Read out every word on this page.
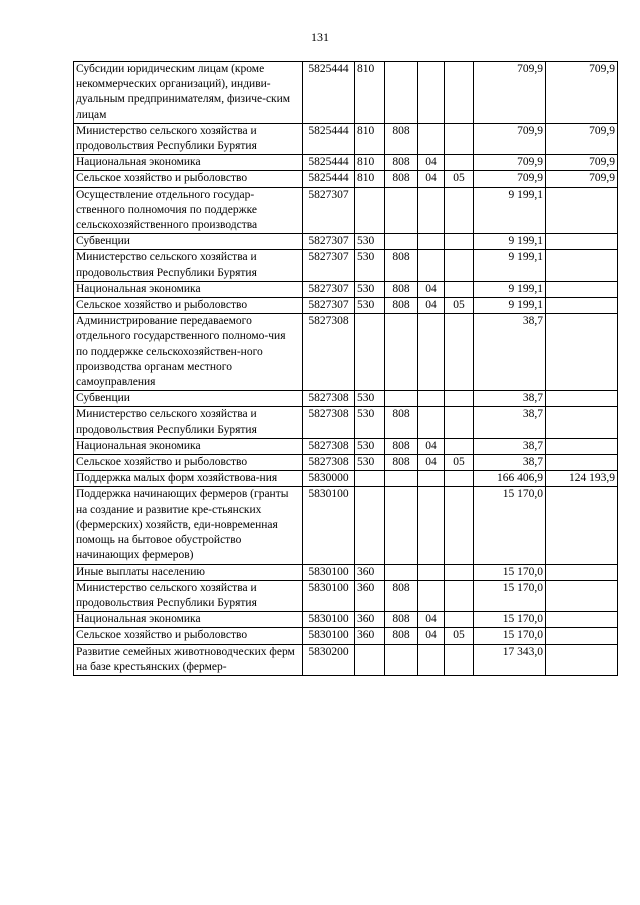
131
Субсидии юридическим лицам (кроме некоммерческих организаций), индиви-дуальным предпринимателям, физиче-ским лицам	5825444	810				709,9	709,9
Министерство сельского хозяйства и продовольствия Республики Бурятия	5825444	810	808			709,9	709,9
Национальная экономика	5825444	810	808	04		709,9	709,9
Сельское хозяйство и рыболовство	5825444	810	808	04	05	709,9	709,9
Осуществление отдельного государ-ственного полномочия по поддержке сельскохозяйственного производства	5827307					9 199,1	
Субвенции	5827307	530				9 199,1	
Министерство сельского хозяйства и продовольствия Республики Бурятия	5827307	530	808			9 199,1	
Национальная экономика	5827307	530	808	04		9 199,1	
Сельское хозяйство и рыболовство	5827307	530	808	04	05	9 199,1	
Администрирование передаваемого отдельного государственного полномо-чия по поддержке сельскохозяйствен-ного производства органам местного самоуправления	5827308					38,7	
Субвенции	5827308	530				38,7	
Министерство сельского хозяйства и продовольствия Республики Бурятия	5827308	530	808			38,7	
Национальная экономика	5827308	530	808	04		38,7	
Сельское хозяйство и рыболовство	5827308	530	808	04	05	38,7	
Поддержка малых форм хозяйствова-ния	5830000					166 406,9	124 193,9
Поддержка начинающих фермеров (гранты на создание и развитие кре-стьянских (фермерских) хозяйств, еди-новременная помощь на бытовое обустройство начинающих фермеров)	5830100					15 170,0	
Иные выплаты населению	5830100	360				15 170,0	
Министерство сельского хозяйства и продовольствия Республики Бурятия	5830100	360	808			15 170,0	
Национальная экономика	5830100	360	808	04		15 170,0	
Сельское хозяйство и рыболовство	5830100	360	808	04	05	15 170,0	
Развитие семейных животноводческих ферм на базе крестьянских (фермер-	5830200					17 343,0	
